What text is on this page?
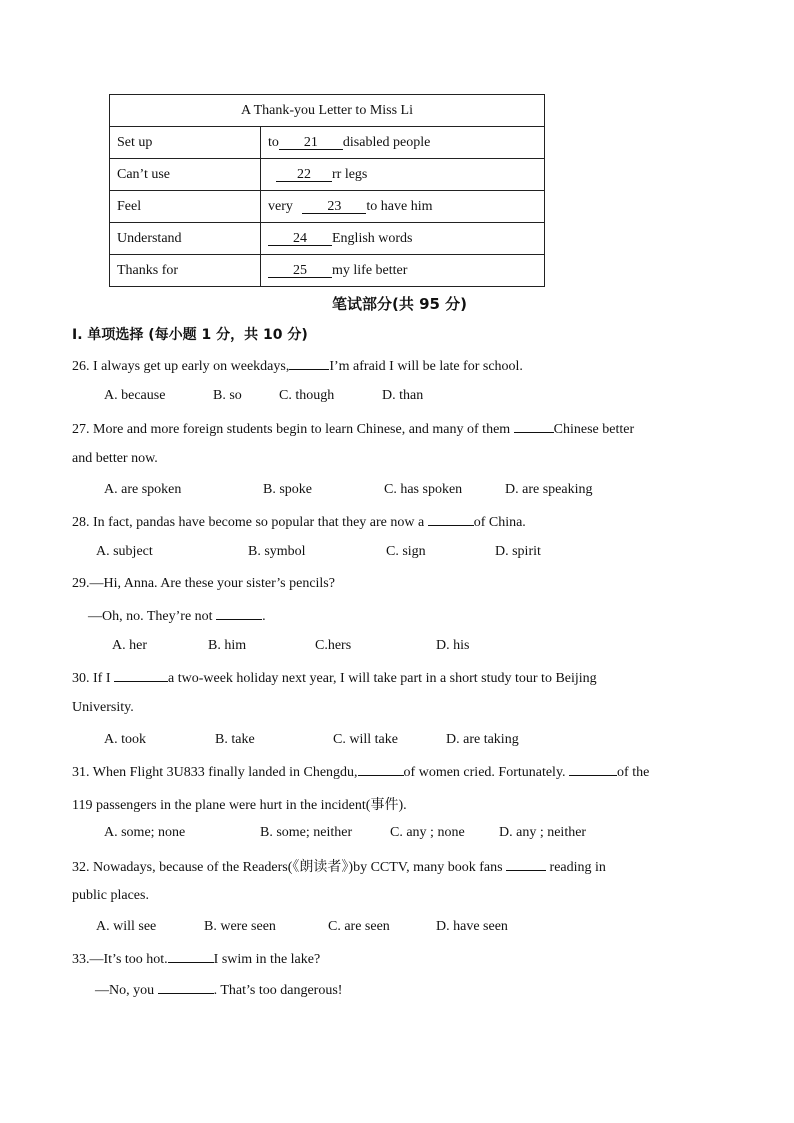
A Thank-you Letter to Miss Li	
Set up	to 21 disabled people
Can’t use	22 rr legs
Feel	very 23 to have him
Understand	24 English words
Thanks for	25 my life better
笔试部分(共 95 分)
I. 单项选择 (每小题 1 分，共 10 分)
26. I always get up early on weekdays,	I’m afraid I will be late for school.
A. because	B. so	C. though	D. than
27. More and more foreign students begin to learn Chinese, and many of them	Chinese better
and better now.
A. are spoken	B. spoke	C. has spoken	D. are speaking
28. In fact, pandas have become so popular that they are now a	of China.
A. subject	B. symbol	C. sign	D. spirit
29.—Hi, Anna. Are these your sister’s pencils?
—Oh, no. They’re not	.
A. her	B. him	C.hers	D. his
30. If I	a two-week holiday next year, I will take part in a short study tour to Beijing
University.
A. took	B. take	C. will take	D. are taking
31. When Flight 3U833 finally landed in Chengdu,	of women cried. Fortunately.	of the
119 passengers in the plane were hurt in the incident(事件).
A. some; none	B. some; neither	C. any ; none D. any ; neither
32. Nowadays, because of the Readers(《朗读者》)by CCTV, many book fans	reading in
public places.
A. will see	B. were seen	C. are seen	D. have seen
33.—It’s too hot.	I swim in the lake?
—No, you	. That’s too dangerous!
